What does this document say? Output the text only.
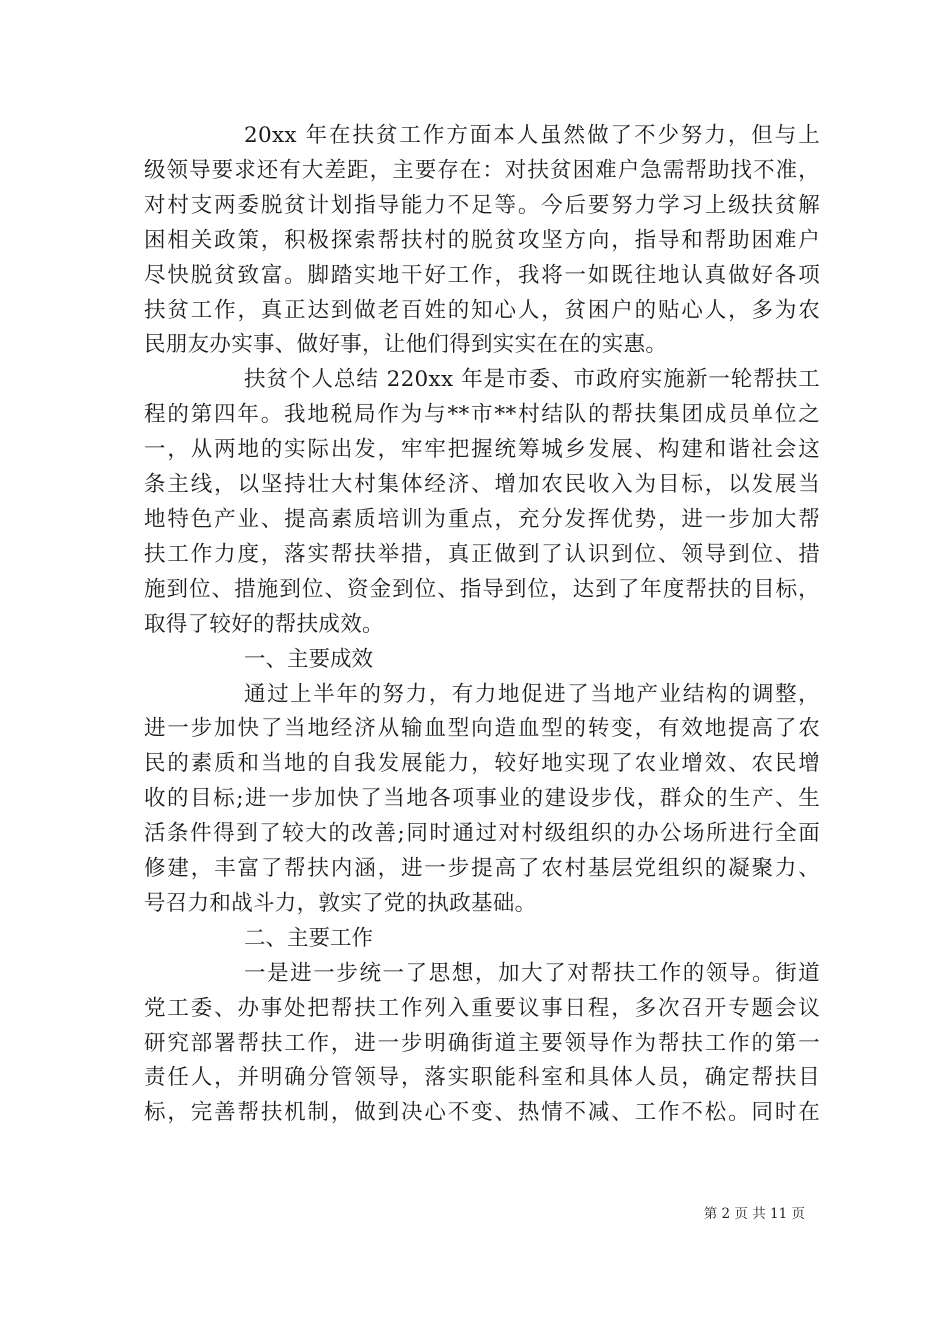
20xx 年在扶贫工作方面本人虽然做了不少努力，但与上
级领导要求还有大差距，主要存在：对扶贫困难户急需帮助找不准，
对村支两委脱贫计划指导能力不足等。今后要努力学习上级扶贫解
困相关政策，积极探索帮扶村的脱贫攻坚方向，指导和帮助困难户
尽快脱贫致富。脚踏实地干好工作，我将一如既往地认真做好各项
扶贫工作，真正达到做老百姓的知心人，贫困户的贴心人，多为农
民朋友办实事、做好事，让他们得到实实在在的实惠。

扶贫个人总结 220xx 年是市委、市政府实施新一轮帮扶工
程的第四年。我地税局作为与**市**村结队的帮扶集团成员单位之
一，从两地的实际出发，牢牢把握统筹城乡发展、构建和谐社会这
条主线，以坚持壮大村集体经济、增加农民收入为目标，以发展当
地特色产业、提高素质培训为重点，充分发挥优势，进一步加大帮
扶工作力度，落实帮扶举措，真正做到了认识到位、领导到位、措
施到位、措施到位、资金到位、指导到位，达到了年度帮扶的目标，
取得了较好的帮扶成效。

一、主要成效

通过上半年的努力，有力地促进了当地产业结构的调整，
进一步加快了当地经济从输血型向造血型的转变，有效地提高了农
民的素质和当地的自我发展能力，较好地实现了农业增效、农民增
收的目标;进一步加快了当地各项事业的建设步伐，群众的生产、生
活条件得到了较大的改善;同时通过对村级组织的办公场所进行全面
修建，丰富了帮扶内涵，进一步提高了农村基层党组织的凝聚力、
号召力和战斗力，敦实了党的执政基础。

二、主要工作

一是进一步统一了思想，加大了对帮扶工作的领导。街道
党工委、办事处把帮扶工作列入重要议事日程，多次召开专题会议
研究部署帮扶工作，进一步明确街道主要领导作为帮扶工作的第一
责任人，并明确分管领导，落实职能科室和具体人员，确定帮扶目
标，完善帮扶机制，做到决心不变、热情不减、工作不松。同时在

第 2 页 共 11 页
